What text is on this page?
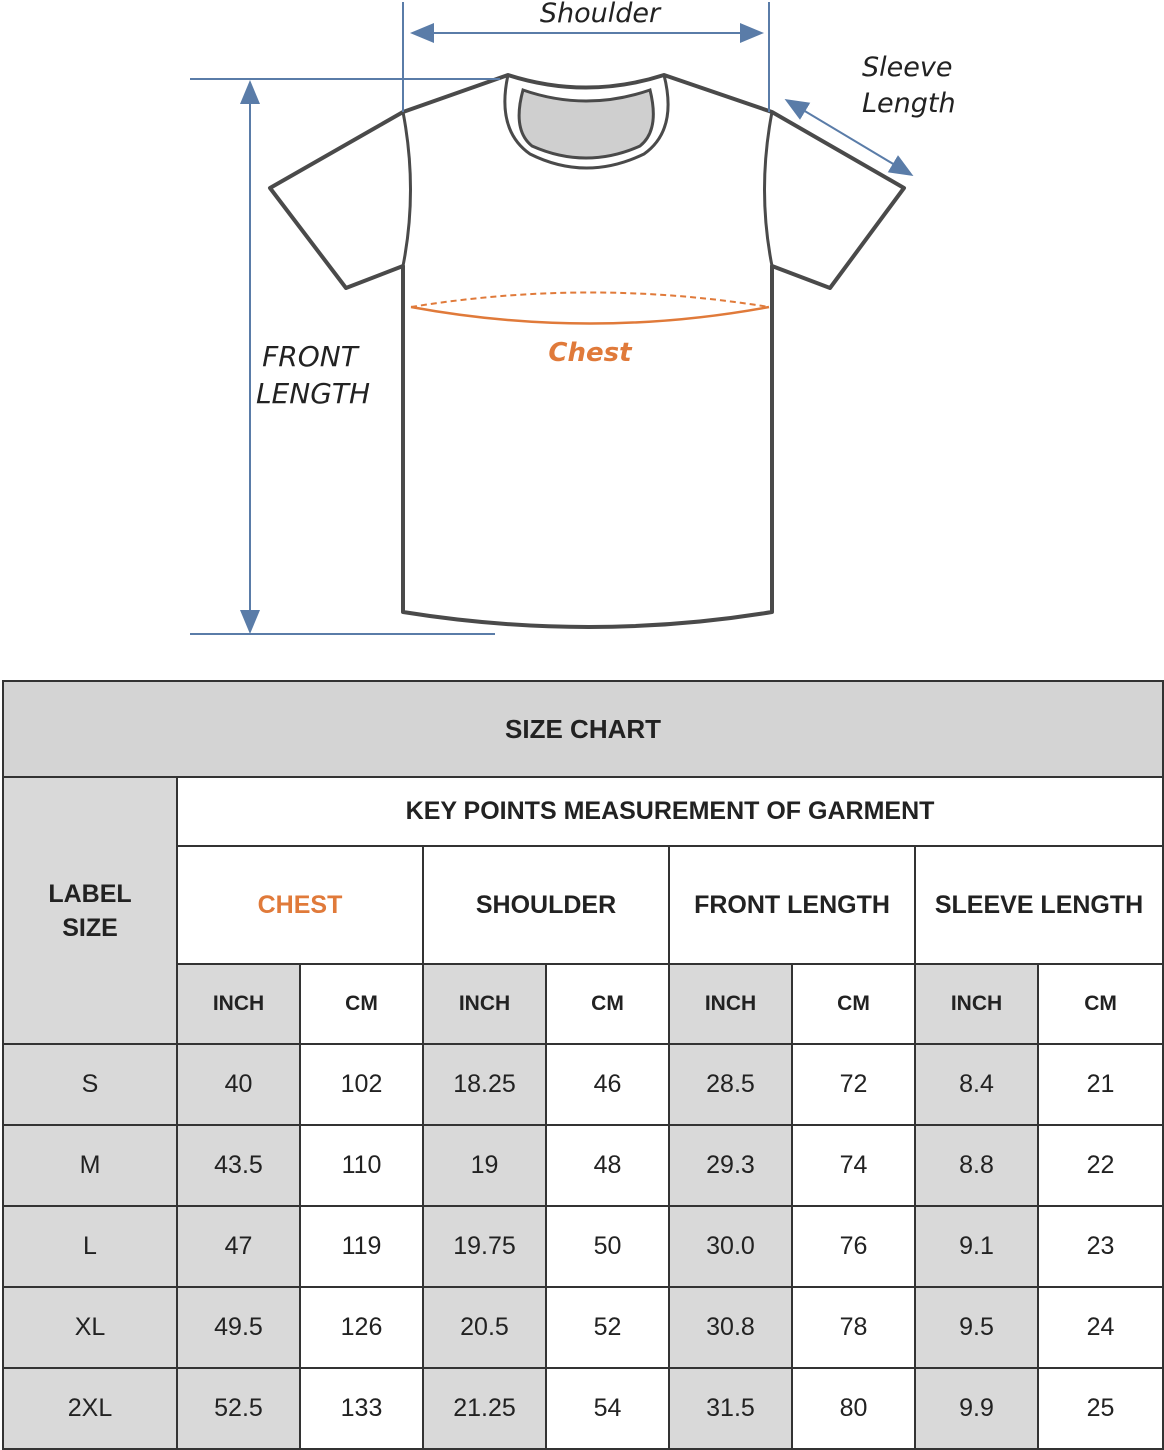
Shoulder
Sleeve
Length
FRONT
LENGTH
Chest
SIZE CHART								
LABEL
SIZE	KEY POINTS MEASUREMENT OF GARMENT							
	CHEST		SHOULDER		FRONT LENGTH		SLEEVE LENGTH	
	INCH	CM	INCH	CM	INCH	CM	INCH	CM
S	40	102	18.25	46	28.5	72	8.4	21
M	43.5	110	19	48	29.3	74	8.8	22
L	47	119	19.75	50	30.0	76	9.1	23
XL	49.5	126	20.5	52	30.8	78	9.5	24
2XL	52.5	133	21.25	54	31.5	80	9.9	25
